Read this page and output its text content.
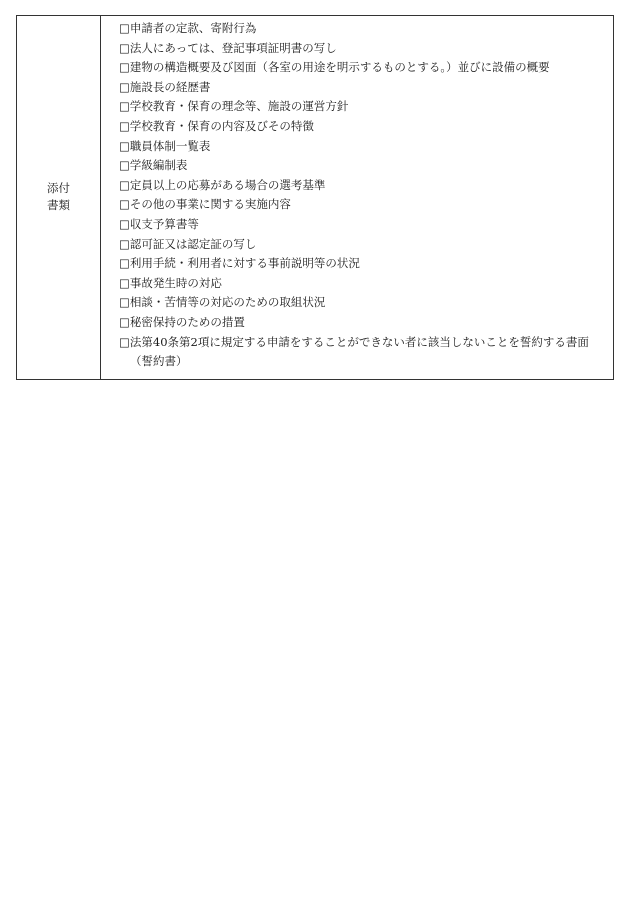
添付
書類

□申請者の定款、寄附行為
□法人にあっては、登記事項証明書の写し
□建物の構造概要及び図面（各室の用途を明示するものとする。）並びに設備の概要
□施設長の経歴書
□学校教育・保育の理念等、施設の運営方針
□学校教育・保育の内容及びその特徴
□職員体制一覧表
□学級編制表
□定員以上の応募がある場合の選考基準
□その他の事業に関する実施内容
□収支予算書等
□認可証又は認定証の写し
□利用手続・利用者に対する事前説明等の状況
□事故発生時の対応
□相談・苦情等の対応のための取組状況
□秘密保持のための措置
□法第40条第2項に規定する申請をすることができない者に該当しないことを誓約する書面（誓約書）
